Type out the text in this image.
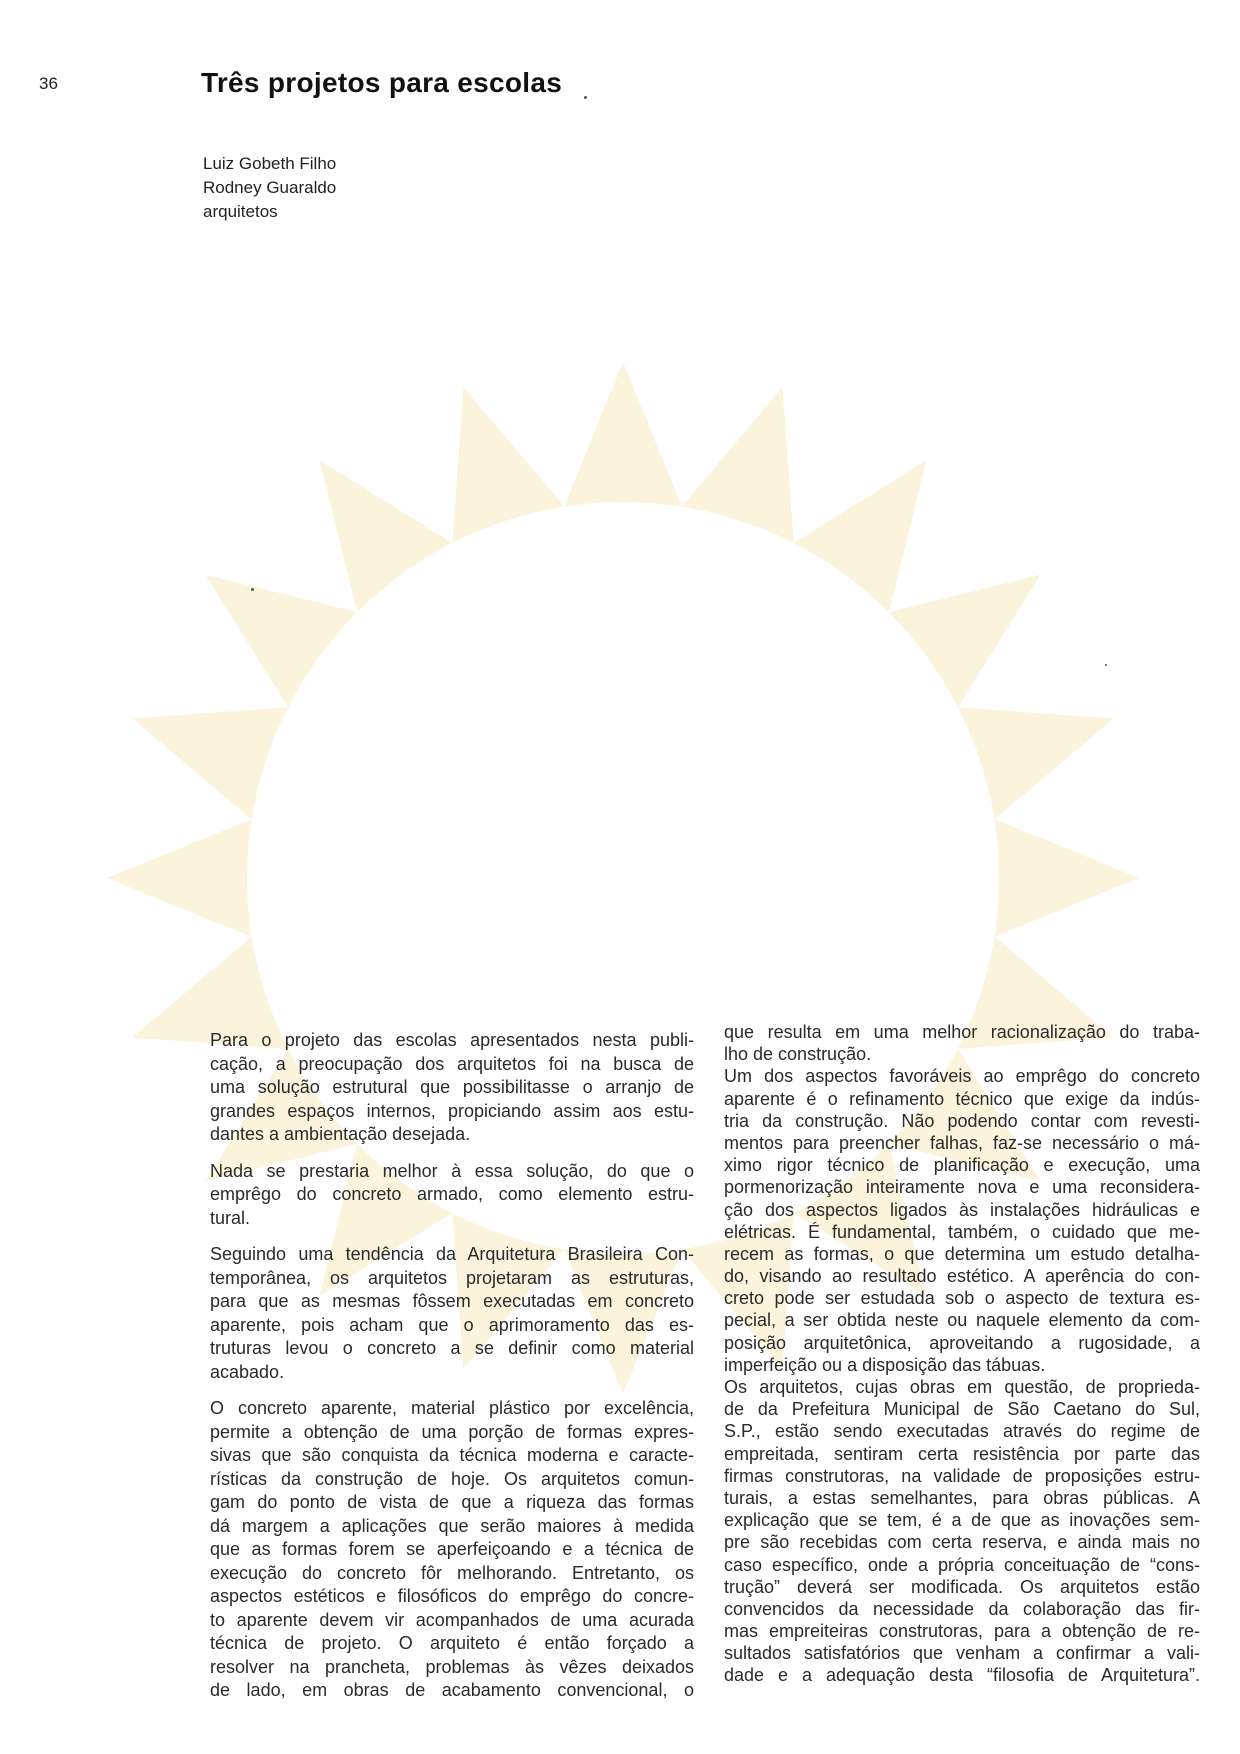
36	Três projetos para escolas
Luiz Gobeth Filho
Rodney Guaraldo
arquitetos
Para o projeto das escolas apresentados nesta publi-
cação, a preocupação dos arquitetos foi na busca de
uma solução estrutural que possibilitasse o arranjo de
grandes espaços internos, propiciando assim aos estu-
dantes a ambientação desejada.
Nada se prestaria melhor à essa solução, do que o
emprêgo do concreto armado, como elemento estru-
tural.
Seguindo uma tendência da Arquitetura Brasileira Con-
temporânea, os arquitetos projetaram as estruturas,
para que as mesmas fôssem executadas em concreto
aparente, pois acham que o aprimoramento das es-
truturas levou o concreto a se definir como material
acabado.
O concreto aparente, material plástico por excelência,
permite a obtenção de uma porção de formas expres-
sivas que são conquista da técnica moderna e caracte-
rísticas da construção de hoje. Os arquitetos comun-
gam do ponto de vista de que a riqueza das formas
dá margem a aplicações que serão maiores à medida
que as formas forem se aperfeiçoando e a técnica de
execução do concreto fôr melhorando. Entretanto, os
aspectos estéticos e filosóficos do emprêgo do concre-
to aparente devem vir acompanhados de uma acurada
técnica de projeto. O arquiteto é então forçado a
resolver na prancheta, problemas às vêzes deixados
de lado, em obras de acabamento convencional, o
que resulta em uma melhor racionalização do traba-
lho de construção.
Um dos aspectos favoráveis ao emprêgo do concreto
aparente é o refinamento técnico que exige da indús-
tria da construção. Não podendo contar com revesti-
mentos para preencher falhas, faz-se necessário o má-
ximo rigor técnico de planificação e execução, uma
pormenorização inteiramente nova e uma reconsidera-
ção dos aspectos ligados às instalações hidráulicas e
elétricas. É fundamental, também, o cuidado que me-
recem as formas, o que determina um estudo detalha-
do, visando ao resultado estético. A aperência do con-
creto pode ser estudada sob o aspecto de textura es-
pecial, a ser obtida neste ou naquele elemento da com-
posição arquitetônica, aproveitando a rugosidade, a
imperfeição ou a disposição das tábuas.
Os arquitetos, cujas obras em questão, de proprieda-
de da Prefeitura Municipal de São Caetano do Sul,
S.P., estão sendo executadas através do regime de
empreitada, sentiram certa resistência por parte das
firmas construtoras, na validade de proposições estru-
turais, a estas semelhantes, para obras públicas. A
explicação que se tem, é a de que as inovações sem-
pre são recebidas com certa reserva, e ainda mais no
caso específico, onde a própria conceituação de “cons-
trução” deverá ser modificada. Os arquitetos estão
convencidos da necessidade da colaboração das fir-
mas empreiteiras construtoras, para a obtenção de re-
sultados satisfatórios que venham a confirmar a vali-
dade e a adequação desta “filosofia de Arquitetura”.
